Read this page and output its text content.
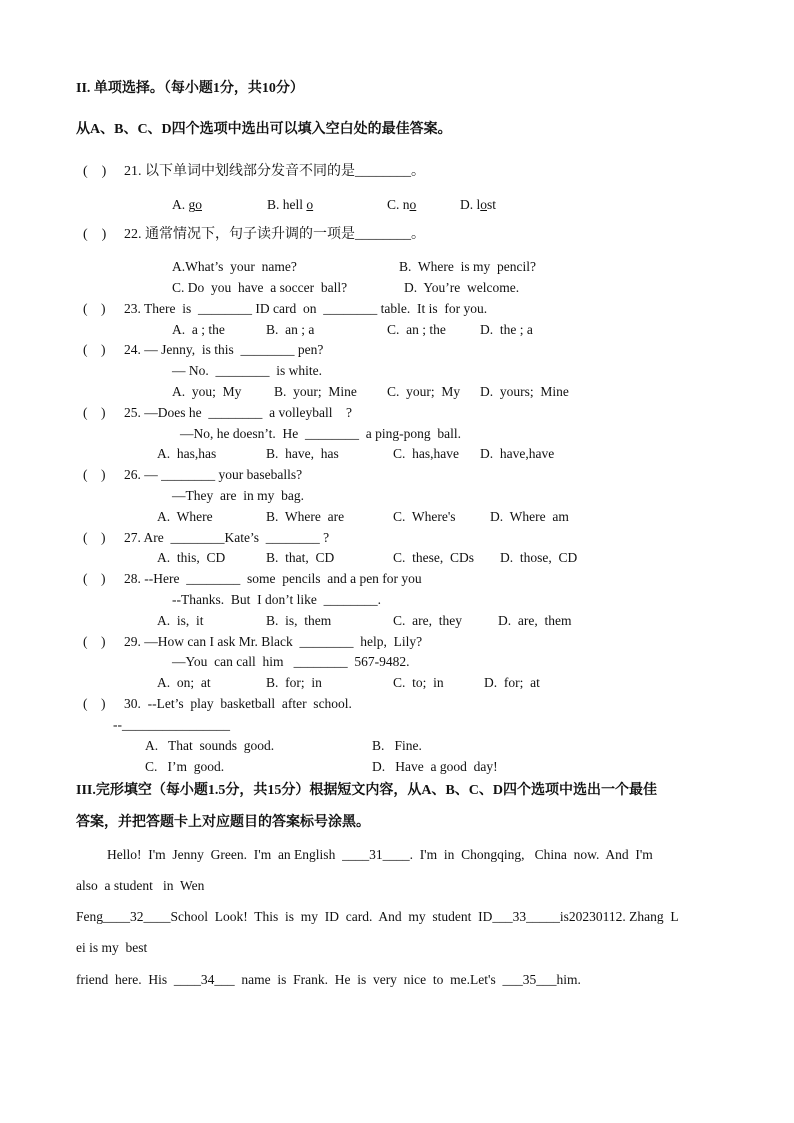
II. 单项选择。（每小题1分，共10分）
从A、B、C、D四个选项中选出可以填入空白处的最佳答案。
(    ) 21. 以下单词中划线部分发音不同的是________。
A. go	B. hell o	C. no	D. lost
(    ) 22. 通常情况下，句子读升调的一项是________。
A.What’s  your  name?	B.  Where  is my  pencil?
C. Do  you  have  a soccer  ball?	D.  You’re  welcome.
(    ) 23. There  is  ________ ID card  on  ________ table.  It is  for you.
A.  a ; the	B.  an ; a	C.  an ; the	D.  the ; a
(    ) 24. — Jenny,  is this  ________ pen?
— No.  ________  is white.
A.  you;  My B.  your;  Mine C.  your;  My D.  yours;  Mine
(    ) 25. —Does he  ________  a volleyball    ?
—No, he doesn’t.  He  ________  a ping-pong  ball.
A.  has,has	B.  have,  has	C.  has,have D.  have,have
(    ) 26. — ________ your baseballs?
—They  are  in my  bag.
A.  Where	B.  Where  are	C.  Where's	D.  Where  am
(    ) 27. Are  ________Kate’s  ________ ?
A.  this,  CD	B.  that,  CD	C.  these,  CDs D.  those,  CD
(    ) 28. --Here  ________  some  pencils  and a pen for you
--Thanks.  But  I don’t like  ________.
A.  is,  it	B.  is,  them	C.  are,  they	D.  are,  them
(    ) 29. —How can I ask Mr. Black  ________  help,  Lily?
—You  can call  him   ________  567-9482.
A.  on;  at	B.  for;  in	C.  to;  in	D.  for;  at
(    ) 30.  --Let’s  play  basketball  after  school.
--________________
A.   That  sounds  good.	B.   Fine.
C.   I’m  good.	D.   Have  a good  day!
III.完形填空（每小题1.5分，共15分）根据短文内容，从A、B、C、D四个选项中选出一个最佳
答案，并把答题卡上对应题目的答案标号涂黑。
Hello!  I'm  Jenny  Green.  I'm  an English  ____31____.  I'm  in  Chongqing,   China  now.  And  I'm
also  a student   in  Wen
Feng____32____School  Look!  This  is  my  ID  card.  And  my  student  ID___33_____is20230112. Zhang  L
ei is my  best
friend  here.  His  ____34___  name  is  Frank.  He  is  very  nice  to  me.Let's  ___35___him.
